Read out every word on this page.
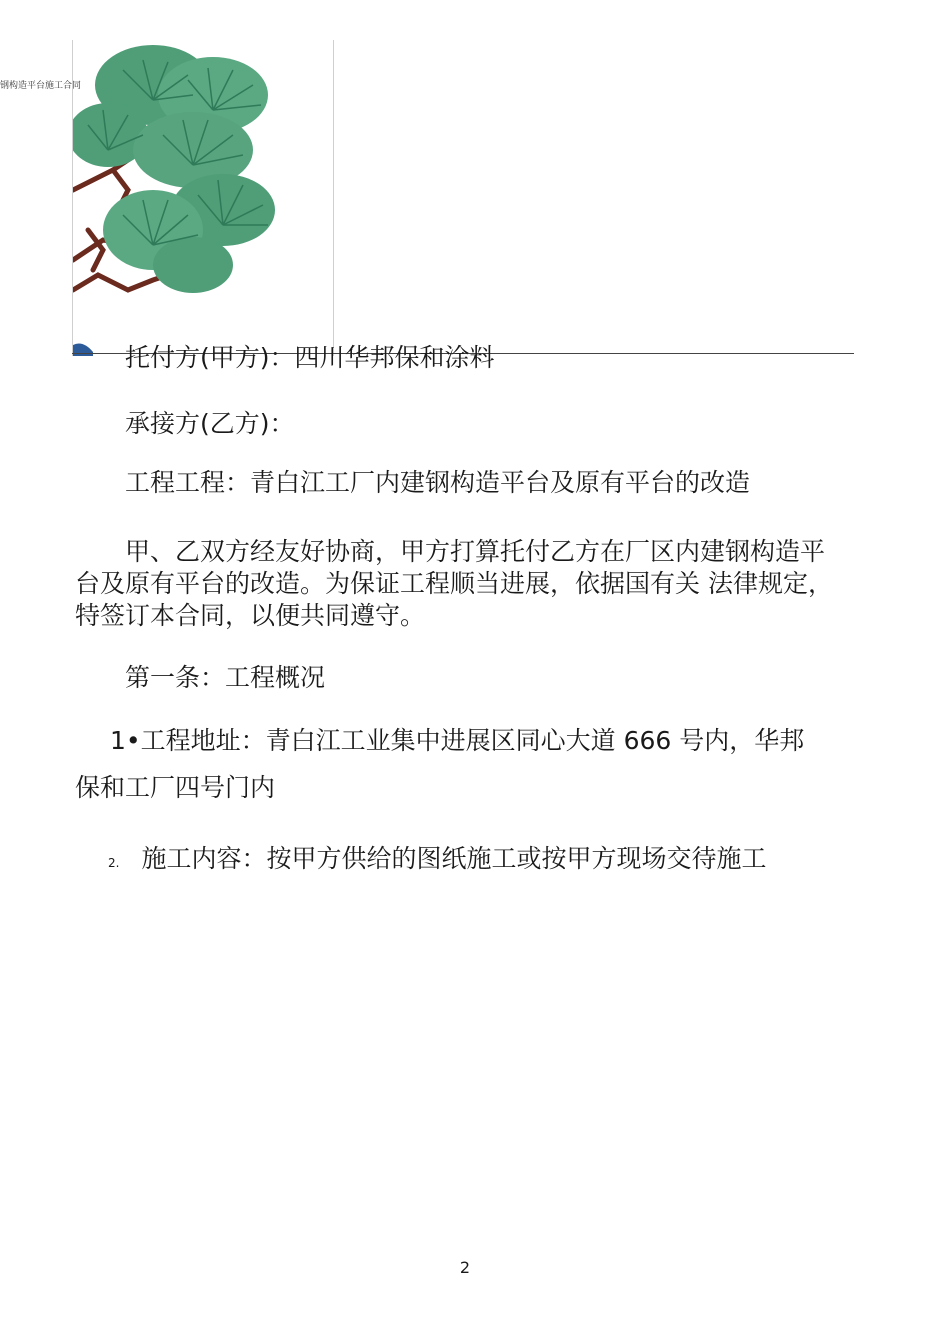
钢构造平台施工合同
托付方(甲方)：四川华邦保和涂料
承接方(乙方)：
工程工程：青白江工厂内建钢构造平台及原有平台的改造
甲、乙双方经友好协商，甲方打算托付乙方在厂区内建钢构造平台及原有平台的改造。为保证工程顺当进展，依据国有关 法律规定，特签订本合同，以便共同遵守。
第一条：工程概况
1•工程地址：青白江工业集中进展区同心大道 666 号内，华邦
保和工厂四号门内
2. 施工内容：按甲方供给的图纸施工或按甲方现场交待施工
2
